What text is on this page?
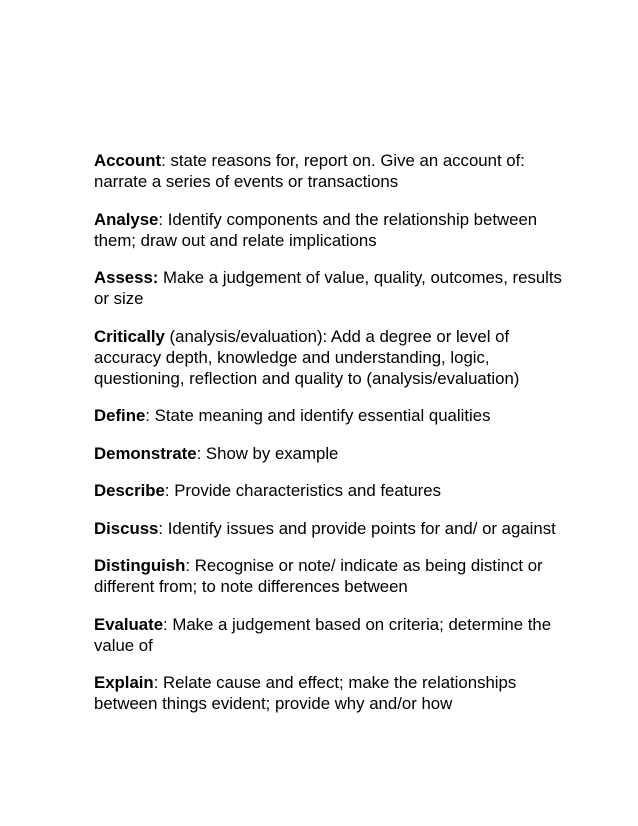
Account: state reasons for, report on. Give an account of: narrate a series of events or transactions

Analyse: Identify components and the relationship between them; draw out and relate implications

Assess: Make a judgement of value, quality, outcomes, results or size

Critically (analysis/evaluation): Add a degree or level of accuracy depth, knowledge and understanding, logic, questioning, reflection and quality to (analysis/evaluation)

Define: State meaning and identify essential qualities

Demonstrate: Show by example

Describe: Provide characteristics and features

Discuss: Identify issues and provide points for and/ or against

Distinguish: Recognise or note/ indicate as being distinct or different from; to note differences between

Evaluate: Make a judgement based on criteria; determine the value of

Explain: Relate cause and effect; make the relationships between things evident; provide why and/or how
